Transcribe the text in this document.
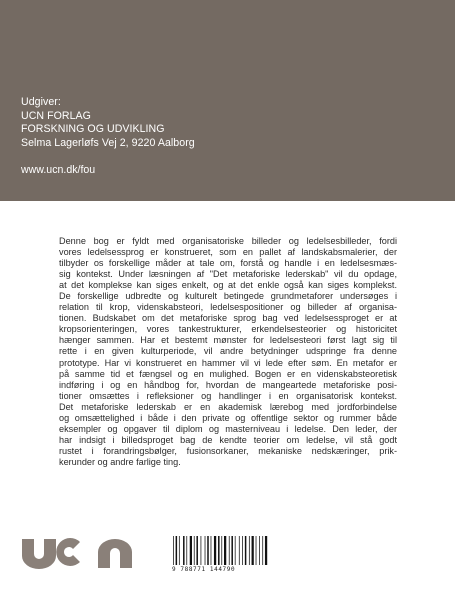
Udgiver:
UCN FORLAG
FORSKNING OG UDVIKLING
Selma Lagerløfs Vej 2, 9220 Aalborg
www.ucn.dk/fou
Denne bog er fyldt med organisatoriske billeder og ledelsesbilleder, fordi
vores ledelsessprog er konstrueret, som en pallet af landskabsmalerier, der
tilbyder os forskellige måder at tale om, forstå og handle i en ledelsesmæs-
sig kontekst. Under læsningen af "Det metaforiske lederskab" vil du opdage,
at det komplekse kan siges enkelt, og at det enkle også kan siges komplekst.
De forskellige udbredte og kulturelt betingede grundmetaforer undersøges i
relation til krop, videnskabsteori, ledelsespositioner og billeder af organisa-
tionen. Budskabet om det metaforiske sprog bag ved ledelsessproget er at
kropsorienteringen, vores tankestrukturer, erkendelsesteorier og historicitet
hænger sammen. Har et bestemt mønster for ledelsesteori først lagt sig til
rette i en given kulturperiode, vil andre betydninger udspringe fra denne
prototype. Har vi konstrueret en hammer vil vi lede efter søm. En metafor er
på samme tid et fængsel og en mulighed. Bogen er en videnskabsteoretisk
indføring i og en håndbog for, hvordan de mangeartede metaforiske posi-
tioner omsættes i refleksioner og handlinger i en organisatorisk kontekst.
Det metaforiske lederskab er en akademisk lærebog med jordforbindelse
og omsættelighed i både i den private og offentlige sektor og rummer både
eksempler og opgaver til diplom og masterniveau i ledelse. Den leder, der
har indsigt i billedsproget bag de kendte teorier om ledelse, vil stå godt
rustet i forandringsbølger, fusionsorkaner, mekaniske nedskæringer, prik-
kerunder og andre farlige ting.
9 788771 144790
